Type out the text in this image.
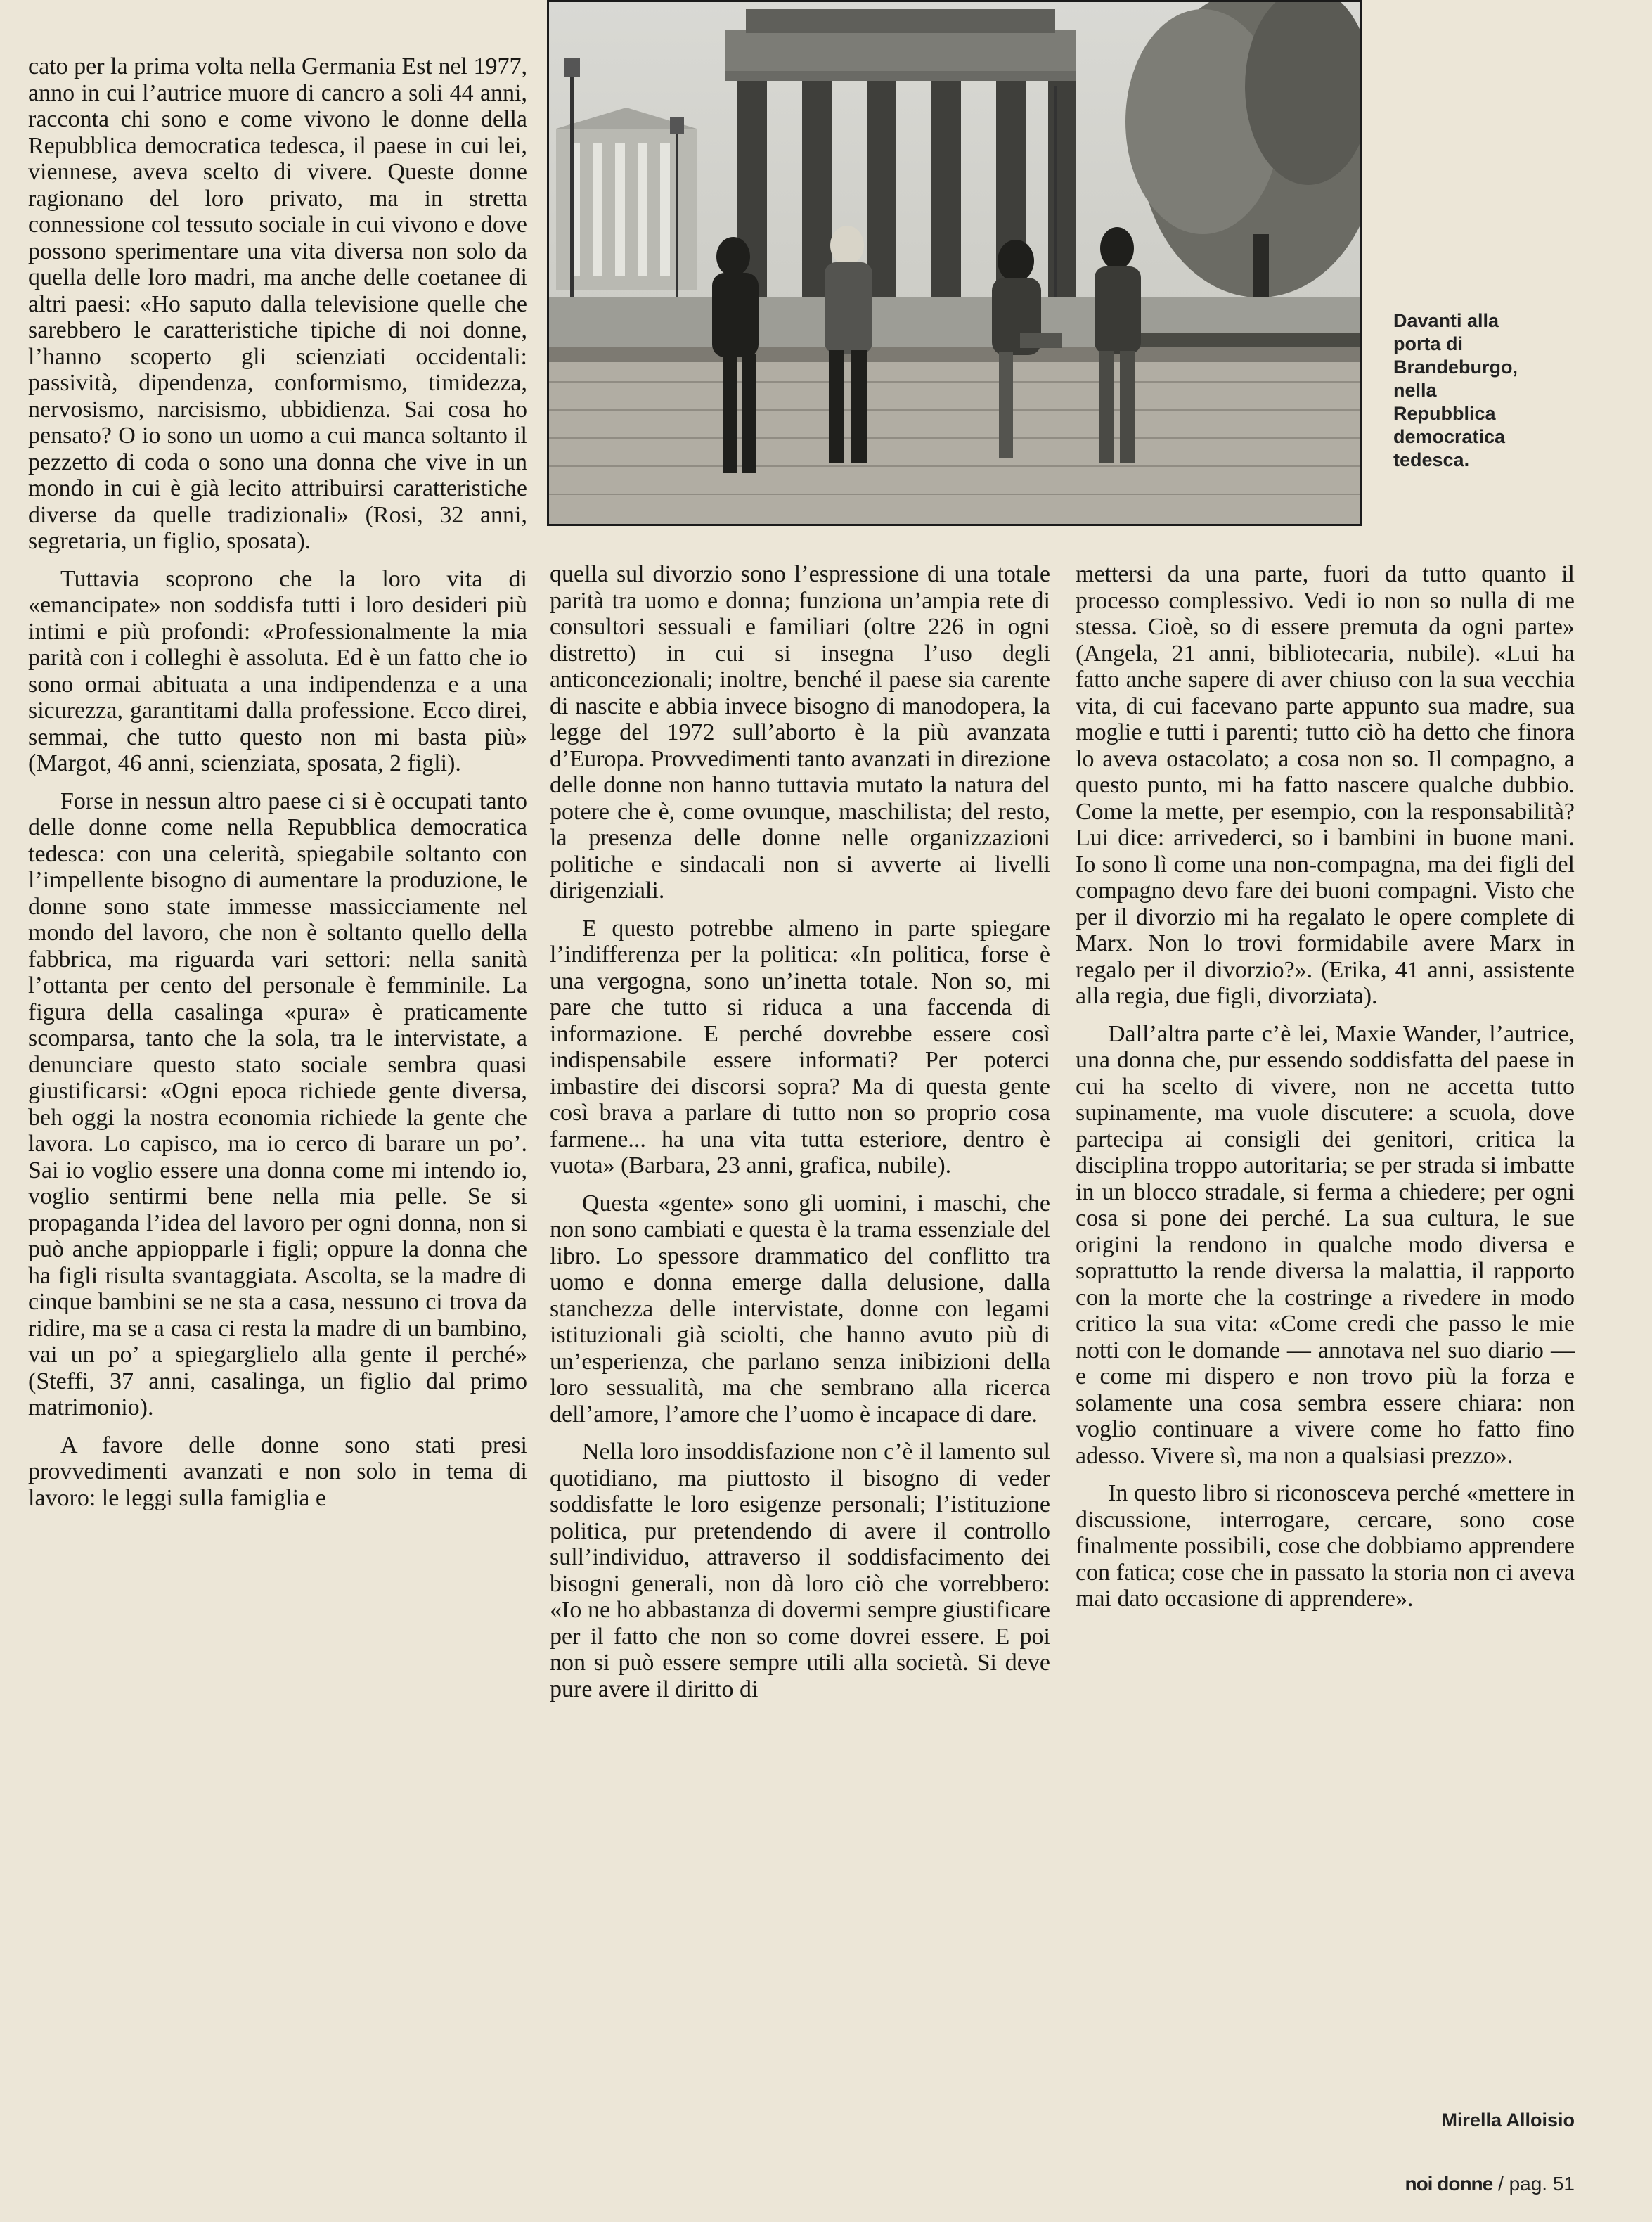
Davanti alla porta di Brandeburgo, nella Repubblica democratica tedesca.

cato per la prima volta nella Germania Est nel 1977, anno in cui l’autrice muore di cancro a soli 44 anni, racconta chi sono e come vivono le donne della Repubblica democratica tedesca, il paese in cui lei, viennese, aveva scelto di vivere. Queste donne ragionano del loro privato, ma in stretta connessione col tessuto sociale in cui vivono e dove possono sperimentare una vita diversa non solo da quella delle loro madri, ma anche delle coetanee di altri paesi: «Ho saputo dalla televisione quelle che sarebbero le caratteristiche tipiche di noi donne, l’hanno scoperto gli scienziati occidentali: passività, dipendenza, conformismo, timidezza, nervosismo, narcisismo, ubbidienza. Sai cosa ho pensato? O io sono un uomo a cui manca soltanto il pezzetto di coda o sono una donna che vive in un mondo in cui è già lecito attribuirsi caratteristiche diverse da quelle tradizionali» (Rosi, 32 anni, segretaria, un figlio, sposata).

Tuttavia scoprono che la loro vita di «emancipate» non soddisfa tutti i loro desideri più intimi e più profondi: «Professionalmente la mia parità con i colleghi è assoluta. Ed è un fatto che io sono ormai abituata a una indipendenza e a una sicurezza, garantitami dalla professione. Ecco direi, semmai, che tutto questo non mi basta più» (Margot, 46 anni, scienziata, sposata, 2 figli).

Forse in nessun altro paese ci si è occupati tanto delle donne come nella Repubblica democratica tedesca: con una celerità, spiegabile soltanto con l’impellente bisogno di aumentare la produzione, le donne sono state immesse massicciamente nel mondo del lavoro, che non è soltanto quello della fabbrica, ma riguarda vari settori: nella sanità l’ottanta per cento del personale è femminile. La figura della casalinga «pura» è praticamente scomparsa, tanto che la sola, tra le intervistate, a denunciare questo stato sociale sembra quasi giustificarsi: «Ogni epoca richiede gente diversa, beh oggi la nostra economia richiede la gente che lavora. Lo capisco, ma io cerco di barare un po’. Sai io voglio essere una donna come mi intendo io, voglio sentirmi bene nella mia pelle. Se si propaganda l’idea del lavoro per ogni donna, non si può anche appiopparle i figli; oppure la donna che ha figli risulta svantaggiata. Ascolta, se la madre di cinque bambini se ne sta a casa, nessuno ci trova da ridire, ma se a casa ci resta la madre di un bambino, vai un po’ a spiegarglielo alla gente il perché» (Steffi, 37 anni, casalinga, un figlio dal primo matrimonio).

A favore delle donne sono stati presi provvedimenti avanzati e non solo in tema di lavoro: le leggi sulla famiglia e

quella sul divorzio sono l’espressione di una totale parità tra uomo e donna; funziona un’ampia rete di consultori sessuali e familiari (oltre 226 in ogni distretto) in cui si insegna l’uso degli anticoncezionali; inoltre, benché il paese sia carente di nascite e abbia invece bisogno di manodopera, la legge del 1972 sull’aborto è la più avanzata d’Europa. Provvedimenti tanto avanzati in direzione delle donne non hanno tuttavia mutato la natura del potere che è, come ovunque, maschilista; del resto, la presenza delle donne nelle organizzazioni politiche e sindacali non si avverte ai livelli dirigenziali.

E questo potrebbe almeno in parte spiegare l’indifferenza per la politica: «In politica, forse è una vergogna, sono un’inetta totale. Non so, mi pare che tutto si riduca a una faccenda di informazione. E perché dovrebbe essere così indispensabile essere informati? Per poterci imbastire dei discorsi sopra? Ma di questa gente così brava a parlare di tutto non so proprio cosa farmene... ha una vita tutta esteriore, dentro è vuota» (Barbara, 23 anni, grafica, nubile).

Questa «gente» sono gli uomini, i maschi, che non sono cambiati e questa è la trama essenziale del libro. Lo spessore drammatico del conflitto tra uomo e donna emerge dalla delusione, dalla stanchezza delle intervistate, donne con legami istituzionali già sciolti, che hanno avuto più di un’esperienza, che parlano senza inibizioni della loro sessualità, ma che sembrano alla ricerca dell’amore, l’amore che l’uomo è incapace di dare.

Nella loro insoddisfazione non c’è il lamento sul quotidiano, ma piuttosto il bisogno di veder soddisfatte le loro esigenze personali; l’istituzione politica, pur pretendendo di avere il controllo sull’individuo, attraverso il soddisfacimento dei bisogni generali, non dà loro ciò che vorrebbero: «Io ne ho abbastanza di dovermi sempre giustificare per il fatto che non so come dovrei essere. E poi non si può essere sempre utili alla società. Si deve pure avere il diritto di

mettersi da una parte, fuori da tutto quanto il processo complessivo. Vedi io non so nulla di me stessa. Cioè, so di essere premuta da ogni parte» (Angela, 21 anni, bibliotecaria, nubile). «Lui ha fatto anche sapere di aver chiuso con la sua vecchia vita, di cui facevano parte appunto sua madre, sua moglie e tutti i parenti; tutto ciò ha detto che finora lo aveva ostacolato; a cosa non so. Il compagno, a questo punto, mi ha fatto nascere qualche dubbio. Come la mette, per esempio, con la responsabilità? Lui dice: arrivederci, so i bambini in buone mani. Io sono lì come una non-compagna, ma dei figli del compagno devo fare dei buoni compagni. Visto che per il divorzio mi ha regalato le opere complete di Marx. Non lo trovi formidabile avere Marx in regalo per il divorzio?». (Erika, 41 anni, assistente alla regia, due figli, divorziata).

Dall’altra parte c’è lei, Maxie Wander, l’autrice, una donna che, pur essendo soddisfatta del paese in cui ha scelto di vivere, non ne accetta tutto supinamente, ma vuole discutere: a scuola, dove partecipa ai consigli dei genitori, critica la disciplina troppo autoritaria; se per strada si imbatte in un blocco stradale, si ferma a chiedere; per ogni cosa si pone dei perché. La sua cultura, le sue origini la rendono in qualche modo diversa e soprattutto la rende diversa la malattia, il rapporto con la morte che la costringe a rivedere in modo critico la sua vita: «Come credi che passo le mie notti con le domande — annotava nel suo diario — e come mi dispero e non trovo più la forza e solamente una cosa sembra essere chiara: non voglio continuare a vivere come ho fatto fino adesso. Vivere sì, ma non a qualsiasi prezzo».

In questo libro si riconosceva perché «mettere in discussione, interrogare, cercare, sono cose finalmente possibili, cose che dobbiamo apprendere con fatica; cose che in passato la storia non ci aveva mai dato occasione di apprendere».

Mirella Alloisio
noi donne / pag. 51
